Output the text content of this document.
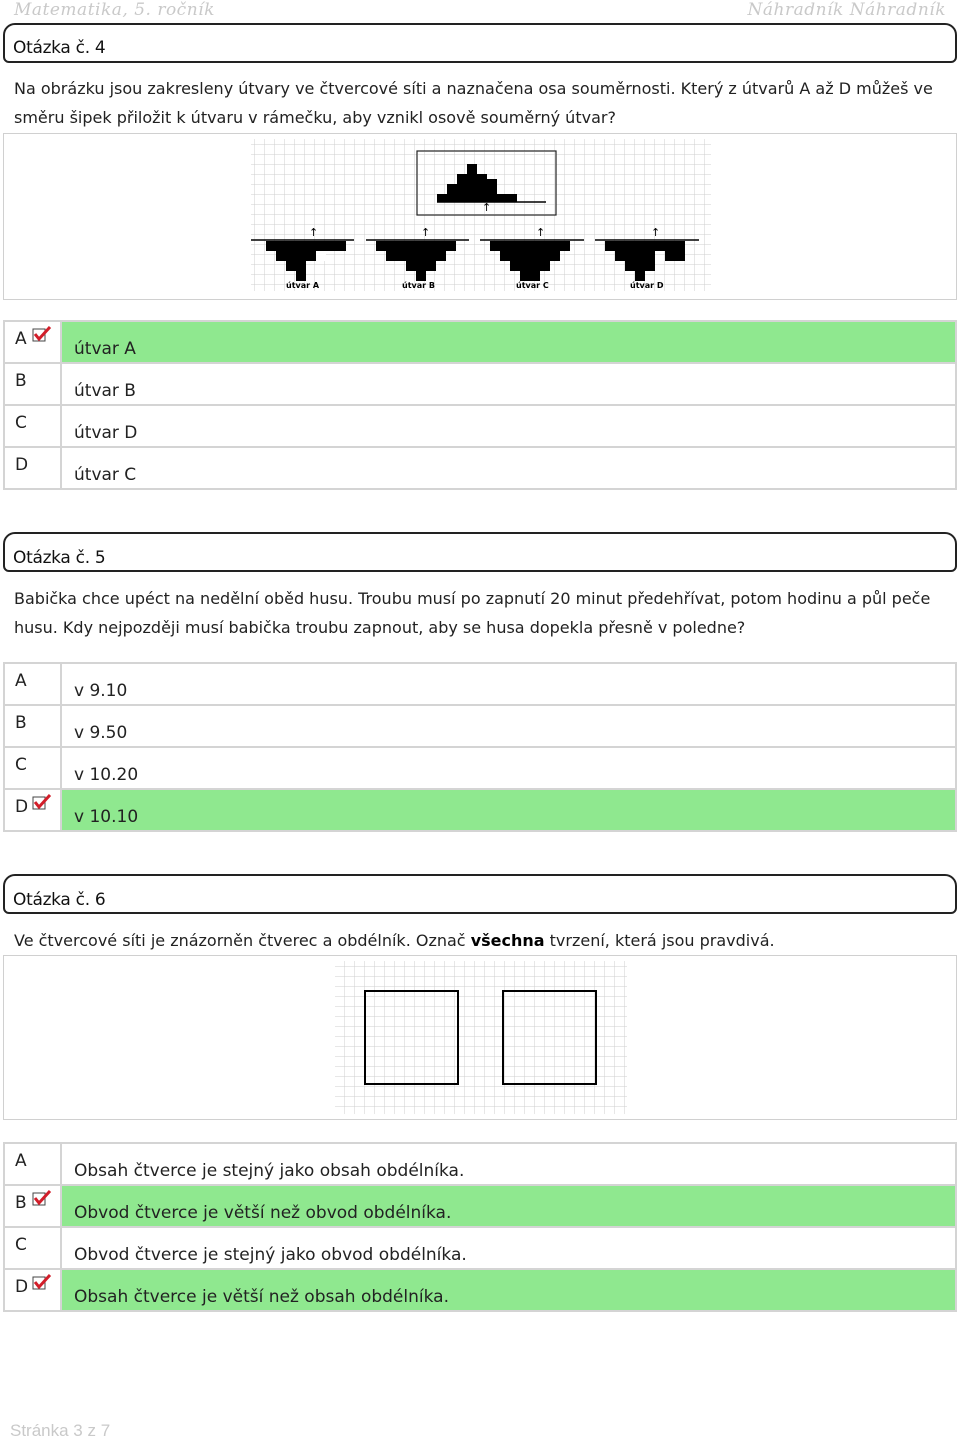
Matematika, 5. ročník	Náhradník Náhradník
Otázka č. 4
Na obrázku jsou zakresleny útvary ve čtvercové síti a naznačena osa souměrnosti. Který z útvarů A až D můžeš ve směru šipek přiložit k útvaru v rámečku, aby vznikl osově souměrný útvar?
↑
↑	↑	↑	↑
útvar A	útvar B	útvar C	útvar D
A	útvar A
B	útvar B
C	útvar D
D	útvar C
Otázka č. 5
Babička chce upéct na nedělní oběd husu. Troubu musí po zapnutí 20 minut předehřívat, potom hodinu a půl peče husu. Kdy nejpozději musí babička troubu zapnout, aby se husa dopekla přesně v poledne?
A	v 9.10
B	v 9.50
C	v 10.20
D	v 10.10
Otázka č. 6
Ve čtvercové síti je znázorněn čtverec a obdélník. Označ všechna tvrzení, která jsou pravdivá.
A	Obsah čtverce je stejný jako obsah obdélníka.
B	Obvod čtverce je větší než obvod obdélníka.
C	Obvod čtverce je stejný jako obvod obdélníka.
D	Obsah čtverce je větší než obsah obdélníka.
Stránka 3 z 7
